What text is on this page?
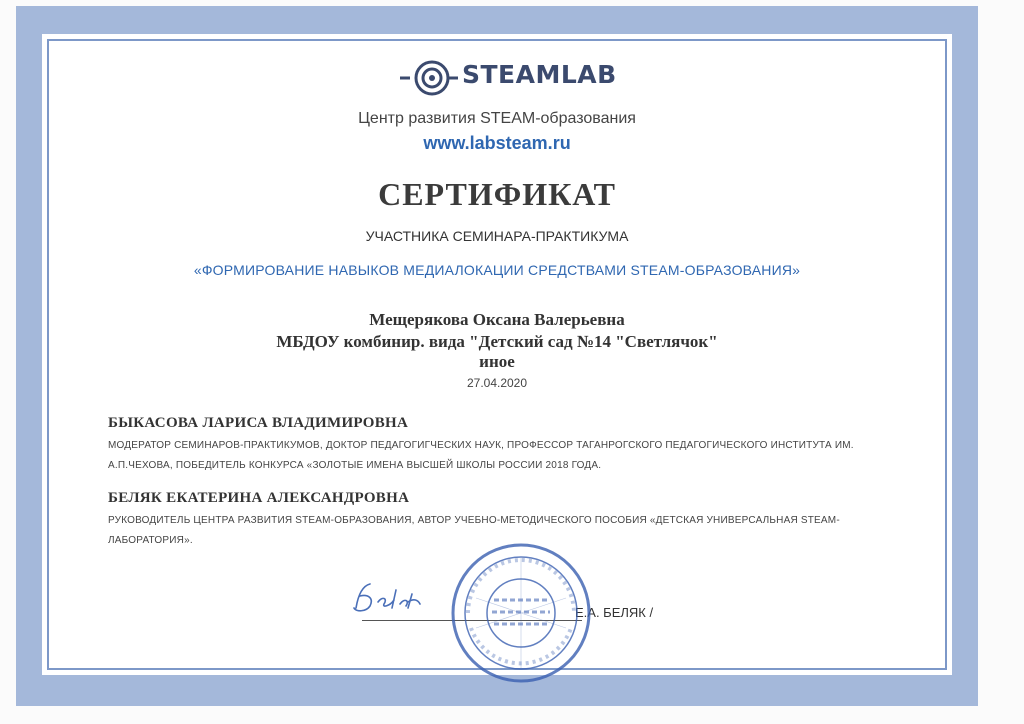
STEAMLAB
Центр развития STEAM-образования
www.labsteam.ru
СЕРТИФИКАТ
УЧАСТНИКА СЕМИНАРА-ПРАКТИКУМА
«ФОРМИРОВАНИЕ НАВЫКОВ МЕДИАЛОКАЦИИ СРЕДСТВАМИ STEAM-ОБРАЗОВАНИЯ»
Мещерякова Оксана Валерьевна
МБДОУ комбинир. вида "Детский сад №14 "Светлячок"
иное
27.04.2020
БЫКАСОВА ЛАРИСА ВЛАДИМИРОВНА
МОДЕРАТОР СЕМИНАРОВ-ПРАКТИКУМОВ, ДОКТОР ПЕДАГОГИГЧЕСКИХ НАУК, ПРОФЕССОР ТАГАНРОГСКОГО ПЕДАГОГИЧЕСКОГО ИНСТИТУТА ИМ.
А.П.ЧЕХОВА, ПОБЕДИТЕЛЬ КОНКУРСА «ЗОЛОТЫЕ ИМЕНА ВЫСШЕЙ ШКОЛЫ РОССИИ 2018 ГОДА.
БЕЛЯК ЕКАТЕРИНА АЛЕКСАНДРОВНА
РУКОВОДИТЕЛЬ ЦЕНТРА РАЗВИТИЯ STEAM-ОБРАЗОВАНИЯ, АВТОР УЧЕБНО-МЕТОДИЧЕСКОГО ПОСОБИЯ «ДЕТСКАЯ УНИВЕРСАЛЬНАЯ STEAM-
ЛАБОРАТОРИЯ».
Е.А. БЕЛЯК /
